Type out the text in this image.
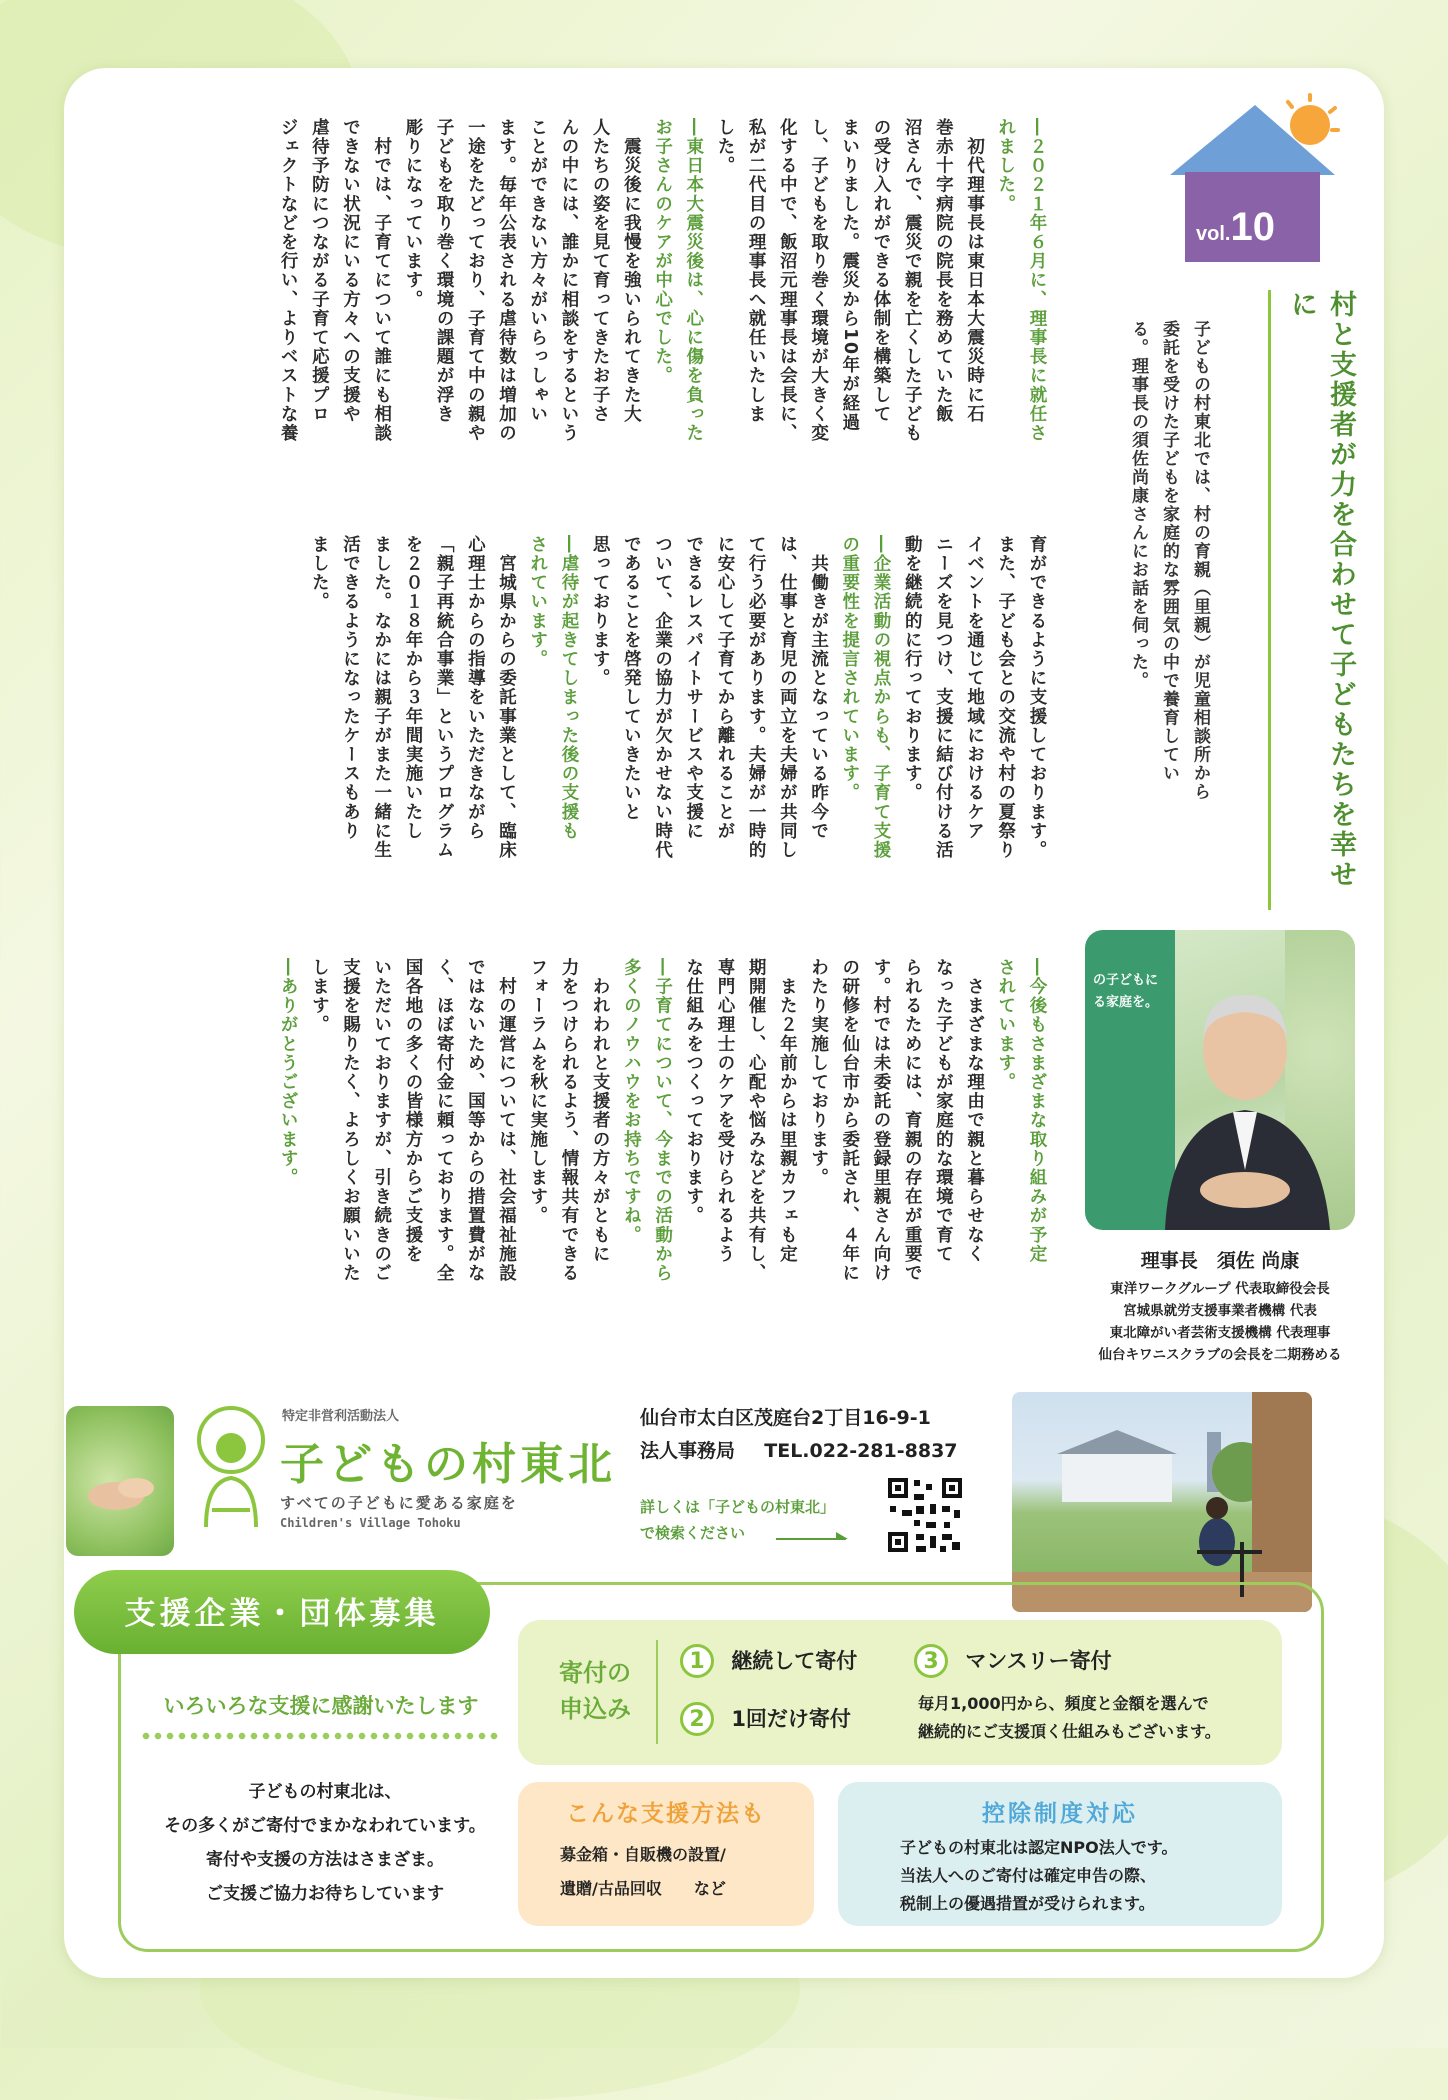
vol.10
村と支援者が力を合わせて子どもたちを幸せに
子どもの村東北では、村の育親（里親）が児童相談所から
委託を受けた子どもを家庭的な雰囲気の中で養育してい
る。理事長の須佐尚康さんにお話を伺った。
―２０２１年６月に、理事長に就任さ
れました。
　初代理事長は東日本大震災時に石
巻赤十字病院の院長を務めていた飯
沼さんで、震災で親を亡くした子ども
の受け入れができる体制を構築して
まいりました。震災から10年が経過
し、子どもを取り巻く環境が大きく変
化する中で、飯沼元理事長は会長に、
私が二代目の理事長へ就任いたしま
した。
―東日本大震災後は、心に傷を負った
お子さんのケアが中心でした。
　震災後に我慢を強いられてきた大
人たちの姿を見て育ってきたお子さ
んの中には、誰かに相談をするという
ことができない方々がいらっしゃい
ます。毎年公表される虐待数は増加の
一途をたどっており、子育て中の親や
子どもを取り巻く環境の課題が浮き
彫りになっています。
　村では、子育てについて誰にも相談
できない状況にいる方々への支援や
虐待予防につながる子育て応援プロ
ジェクトなどを行い、よりベストな養
育ができるように支援しております。
また、子ども会との交流や村の夏祭り
イベントを通じて地域におけるケア
ニーズを見つけ、支援に結び付ける活
動を継続的に行っております。
―企業活動の視点からも、子育て支援
の重要性を提言されています。
　共働きが主流となっている昨今で
は、仕事と育児の両立を夫婦が共同し
て行う必要があります。夫婦が一時的
に安心して子育てから離れることが
できるレスパイトサービスや支援に
ついて、企業の協力が欠かせない時代
であることを啓発していきたいと
思っております。
―虐待が起きてしまった後の支援も
されています。
　宮城県からの委託事業として、臨床
心理士からの指導をいただきながら
「親子再統合事業」というプログラム
を２０１８年から３年間実施いたし
ました。なかには親子がまた一緒に生
活できるようになったケースもあり
ました。
―今後もさまざまな取り組みが予定
されています。
　さまざまな理由で親と暮らせなく
なった子どもが家庭的な環境で育て
られるためには、育親の存在が重要で
す。村では未委託の登録里親さん向け
の研修を仙台市から委託され、４年に
わたり実施しております。
　また２年前からは里親カフェも定
期開催し、心配や悩みなどを共有し、
専門心理士のケアを受けられるよう
な仕組みをつくっております。
―子育てについて、今までの活動から
多くのノウハウをお持ちですね。
　われわれと支援者の方々がともに
力をつけられるよう、情報共有できる
フォーラムを秋に実施します。
　村の運営については、社会福祉施設
ではないため、国等からの措置費がな
く、ほぼ寄付金に頼っております。全
国各地の多くの皆様方からご支援を
いただいておりますが、引き続きのご
支援を賜りたく、よろしくお願いいた
します。
―ありがとうございます。	の子どもに
る家庭を。
理事長　須佐 尚康
東洋ワークグループ 代表取締役会長
宮城県就労支援事業者機構 代表
東北障がい者芸術支援機構 代表理事
仙台キワニスクラブの会長を二期務める
特定非営利活動法人
子どもの村東北
すべての子どもに愛ある家庭を
Children's Village Tohoku
仙台市太白区茂庭台2丁目16-9-1
法人事務局 TEL.022-281-8837
詳しくは「子どもの村東北」
で検索ください
支援企業・団体募集
いろいろな支援に感謝いたします
子どもの村東北は、
その多くがご寄付でまかなわれています。
寄付や支援の方法はさまざま。
ご支援ご協力お待ちしています
寄付の
申込み
1 継続して寄付
2 1回だけ寄付
3 マンスリー寄付
毎月1,000円から、頻度と金額を選んで
継続的にご支援頂く仕組みもございます。
こんな支援方法も
募金箱・自販機の設置/
遺贈/古品回収　　など
控除制度対応
子どもの村東北は認定NPO法人です。
当法人へのご寄付は確定申告の際、
税制上の優遇措置が受けられます。
